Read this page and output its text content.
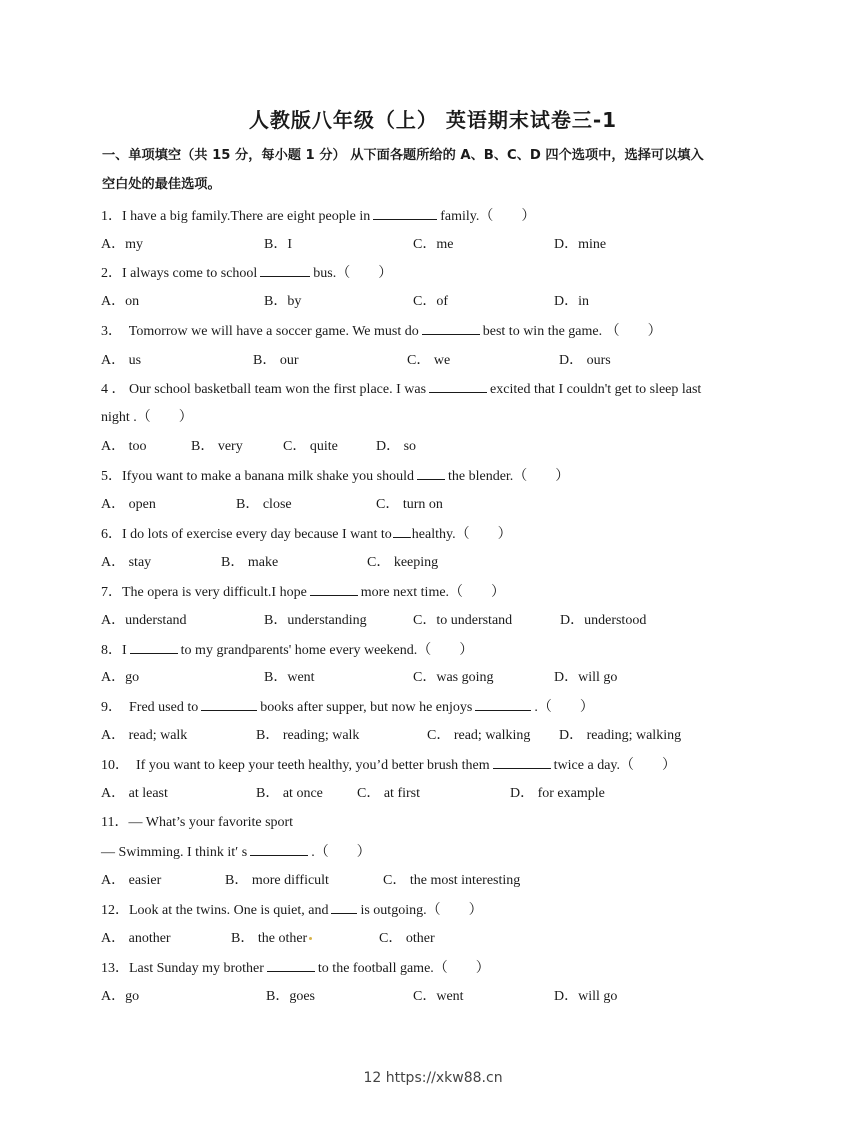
人教版八年级（上） 英语期末试卷三-1
一、单项填空（共 15 分，每小题 1 分） 从下面各题所给的 A、B、C、D 四个选项中，选择可以填入
空白处的最佳选项。
1．I have a big family.There are eight people in	family.（　　）
A．my	B．I	C．me	D．mine
2．I always come to school	bus.（　　）
A．on	B．by	C．of	D．in
3．  Tomorrow we will have a soccer game. We must do	best to win the game. （　　）
A． us	B． our	C． we	D． ours
4 ． Our school basketball team won the first place. I was	excited that I couldn't get to sleep last
night .（　　）
A． too	B． very	C． quite	D． so
5．Ifyou want to make a banana milk shake you should the blender.（　　）
A． open	B． close	C． turn on
6．I do lots of exercise every day because I want to healthy.（　　）
A． stay	B． make	C． keeping
7．The opera is very difficult.I hope	more next time.（　　）
A．understand	B．understanding	C．to understand	D．understood
8．I	to my grandparents' home every weekend.（　　）
A．go	B．went	C．was going	D．will go
9．  Fred used to	books after supper, but now he enjoys	.（　　）
A． read; walk	B． reading; walk	C． read; walking D． reading; walking
10．  If you want to keep your teeth healthy, you’d better brush them	twice a day.（　　）
A． at least	B． at once C． at first	D． for example
11．— What’s your favorite sport
— Swimming. I think it′ s	.（　　）
A． easier	B． more difficult	C． the most interesting
12．Look at the twins. One is quiet, and is outgoing.（　　）
A． another	B． the other	C． other
13．Last Sunday my brother	to the football game.（　　）
A．go	B．goes	C．went	D．will go
12 https://xkw88.cn
